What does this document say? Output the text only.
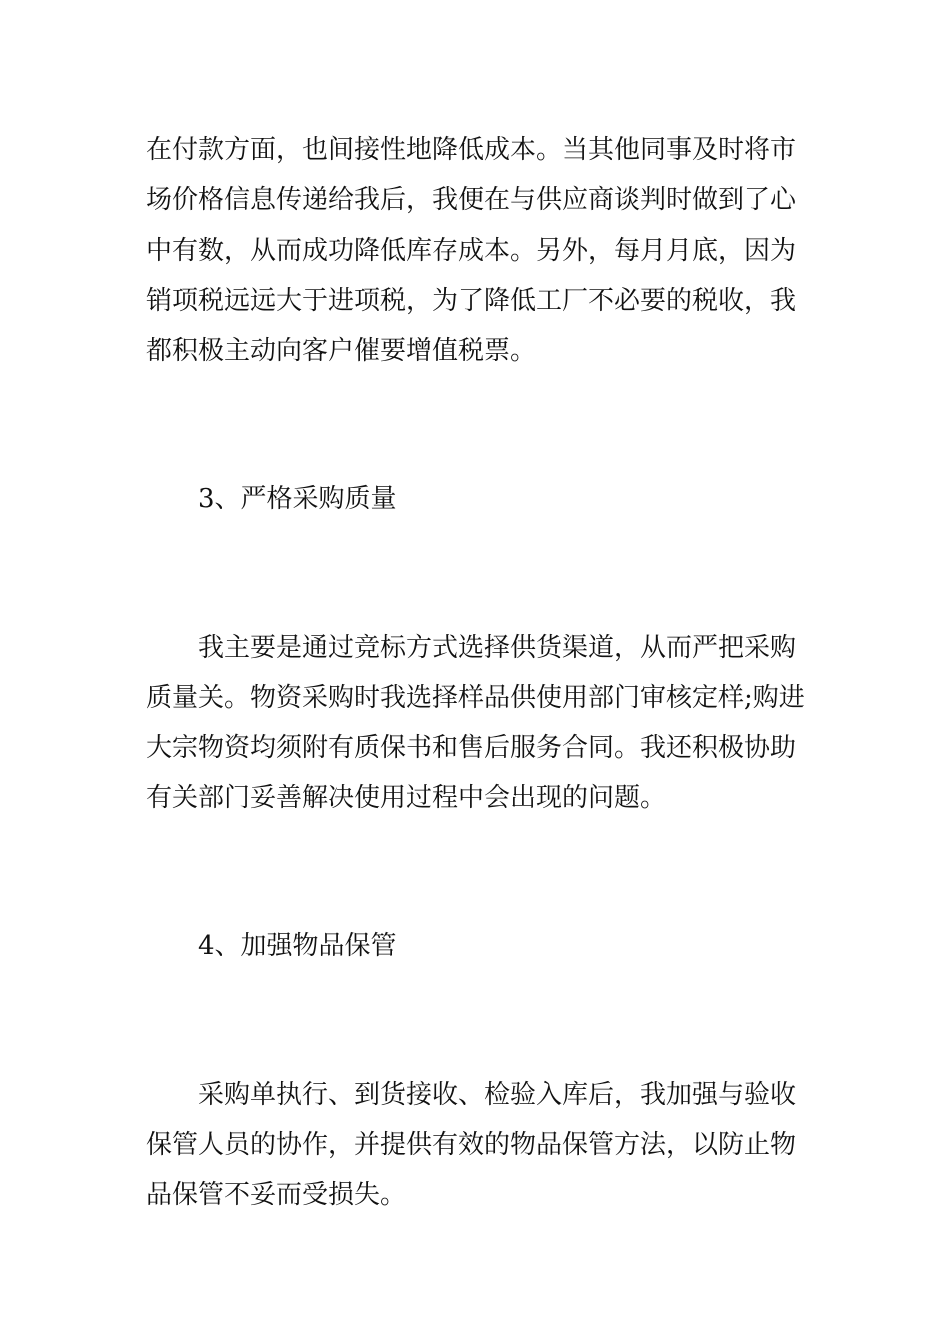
在付款方面，也间接性地降低成本。当其他同事及时将市

场价格信息传递给我后，我便在与供应商谈判时做到了心

中有数，从而成功降低库存成本。另外，每月月底，因为

销项税远远大于进项税，为了降低工厂不必要的税收，我

都积极主动向客户催要增值税票。

3、严格采购质量

我主要是通过竞标方式选择供货渠道，从而严把采购

质量关。物资采购时我选择样品供使用部门审核定样;购进

大宗物资均须附有质保书和售后服务合同。我还积极协助

有关部门妥善解决使用过程中会出现的问题。

4、加强物品保管

采购单执行、到货接收、检验入库后，我加强与验收

保管人员的协作，并提供有效的物品保管方法，以防止物

品保管不妥而受损失。
